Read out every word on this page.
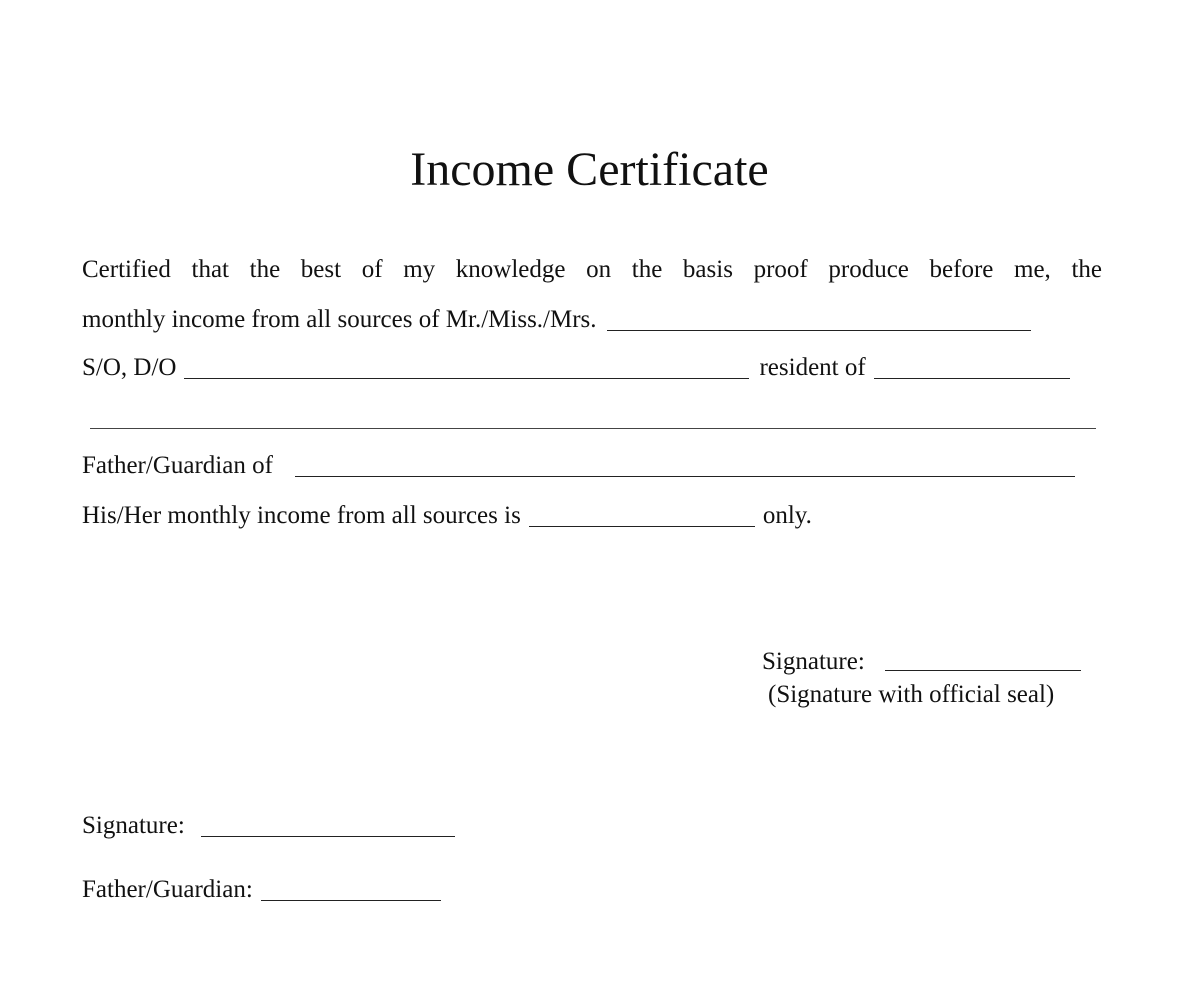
Income Certificate
Certified that the best of my knowledge on the basis proof produce before me, the
monthly income from all sources of Mr./Miss./Mrs.
S/O, D/O	resident of
Father/Guardian of
His/Her monthly income from all sources is	only.
Signature:
(Signature with official seal)
Signature:
Father/Guardian:
